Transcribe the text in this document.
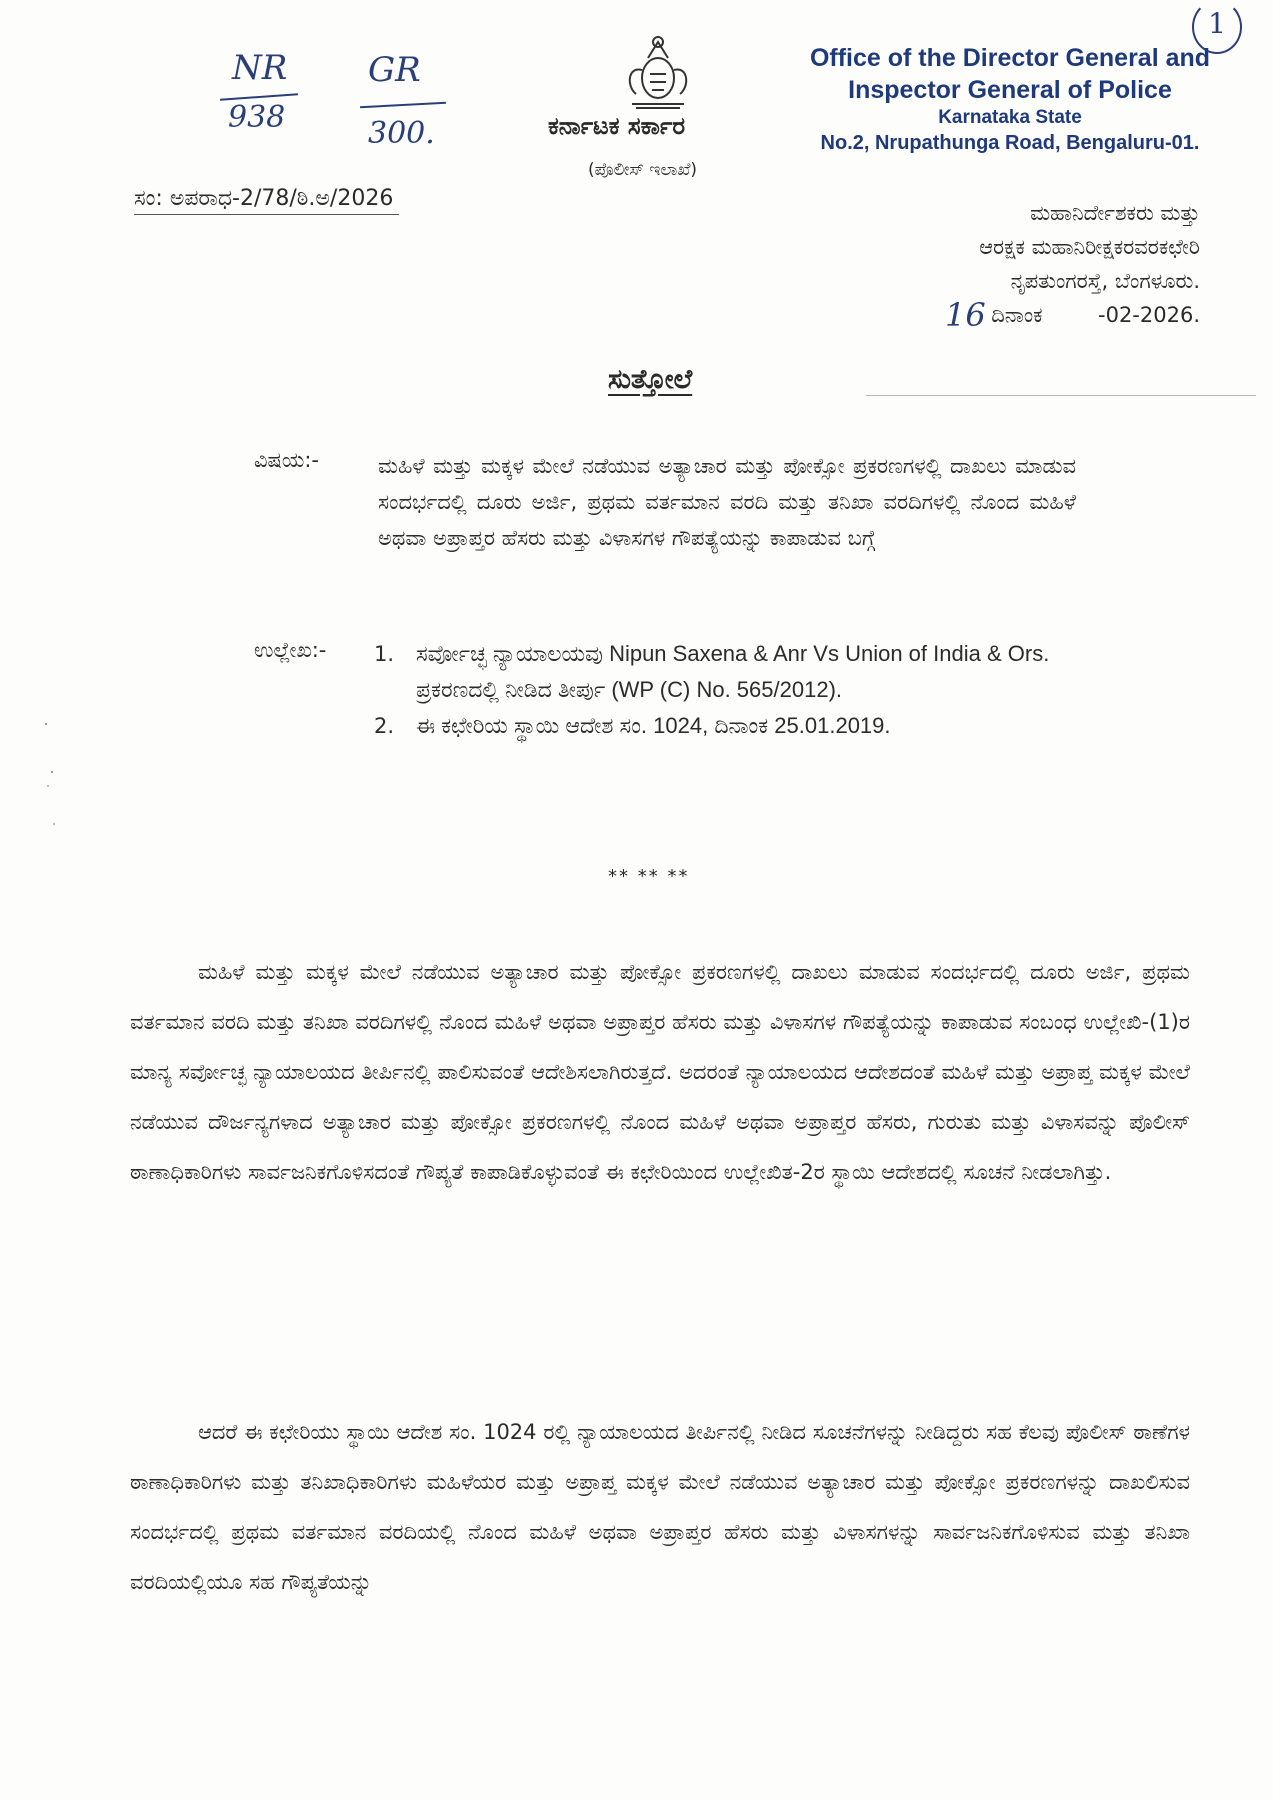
NR
938
GR
300.
1
ಕರ್ನಾಟಕ ಸರ್ಕಾರ
(ಪೊಲೀಸ್ ಇಲಾಖೆ)
Office of the Director General and
Inspector General of Police
Karnataka State
No.2, Nrupathunga Road, Bengaluru-01.
ಸಂ: ಅಪರಾಧ-2/78/ಠಿ.ಅ/2026
ಮಹಾನಿರ್ದೇಶಕರು ಮತ್ತು
ಆರಕ್ಷಕ ಮಹಾನಿರೀಕ್ಷಕರವರಕಛೇರಿ
ನೃಪತುಂಗರಸ್ತೆ, ಬೆಂಗಳೂರು.
ದಿನಾಂಕ	-02-2026.
16
ಸುತ್ತೋಲೆ
ವಿಷಯ:-	ಮಹಿಳೆ ಮತ್ತು ಮಕ್ಕಳ ಮೇಲೆ ನಡೆಯುವ ಅತ್ಯಾಚಾರ ಮತ್ತು ಪೋಕ್ಸೋ ಪ್ರಕರಣಗಳಲ್ಲಿ ದಾಖಲು ಮಾಡುವ ಸಂದರ್ಭದಲ್ಲಿ ದೂರು ಅರ್ಜಿ, ಪ್ರಥಮ ವರ್ತಮಾನ ವರದಿ ಮತ್ತು ತನಿಖಾ ವರದಿಗಳಲ್ಲಿ ನೊಂದ ಮಹಿಳೆ ಅಥವಾ ಅಪ್ರಾಪ್ತರ ಹೆಸರು ಮತ್ತು ವಿಳಾಸಗಳ ಗೌಪತ್ಯೆಯನ್ನು ಕಾಪಾಡುವ ಬಗ್ಗೆ
ಉಲ್ಲೇಖ:- 1. ಸರ್ವೋಚ್ಛ ನ್ಯಾಯಾಲಯವು Nipun Saxena & Anr Vs Union of India & Ors. ಪ್ರಕರಣದಲ್ಲಿ ನೀಡಿದ ತೀರ್ಪು (WP (C) No. 565/2012).
2. ಈ ಕಛೇರಿಯ ಸ್ಥಾಯಿ ಆದೇಶ ಸಂ. 1024, ದಿನಾಂಕ 25.01.2019.
** ** **

ಮಹಿಳೆ ಮತ್ತು ಮಕ್ಕಳ ಮೇಲೆ ನಡೆಯುವ ಅತ್ಯಾಚಾರ ಮತ್ತು ಪೋಕ್ಸೋ ಪ್ರಕರಣಗಳಲ್ಲಿ ದಾಖಲು ಮಾಡುವ ಸಂದರ್ಭದಲ್ಲಿ ದೂರು ಅರ್ಜಿ, ಪ್ರಥಮ ವರ್ತಮಾನ ವರದಿ ಮತ್ತು ತನಿಖಾ ವರದಿಗಳಲ್ಲಿ ನೊಂದ ಮಹಿಳೆ ಅಥವಾ ಅಪ್ರಾಪ್ತರ ಹೆಸರು ಮತ್ತು ವಿಳಾಸಗಳ ಗೌಪತ್ಯೆಯನ್ನು ಕಾಪಾಡುವ ಸಂಬಂಧ ಉಲ್ಲೇಖಿ-(1)ರ ಮಾನ್ಯ ಸರ್ವೋಚ್ಛ ನ್ಯಾಯಾಲಯದ ತೀರ್ಪಿನಲ್ಲಿ ಪಾಲಿಸುವಂತೆ ಆದೇಶಿಸಲಾಗಿರುತ್ತದೆ. ಅದರಂತೆ ನ್ಯಾಯಾಲಯದ ಆದೇಶದಂತೆ ಮಹಿಳೆ ಮತ್ತು ಅಪ್ರಾಪ್ತ ಮಕ್ಕಳ ಮೇಲೆ ನಡೆಯುವ ದೌರ್ಜನ್ಯಗಳಾದ ಅತ್ಯಾಚಾರ ಮತ್ತು ಪೋಕ್ಸೋ ಪ್ರಕರಣಗಳಲ್ಲಿ ನೊಂದ ಮಹಿಳೆ ಅಥವಾ ಅಪ್ರಾಪ್ತರ ಹೆಸರು, ಗುರುತು ಮತ್ತು ವಿಳಾಸವನ್ನು ಪೊಲೀಸ್ ಠಾಣಾಧಿಕಾರಿಗಳು ಸಾರ್ವಜನಿಕಗೊಳಿಸದಂತೆ ಗೌಪ್ಯತೆ ಕಾಪಾಡಿಕೊಳ್ಳುವಂತೆ ಈ ಕಛೇರಿಯಿಂದ ಉಲ್ಲೇಖಿತ-2ರ ಸ್ಥಾಯಿ ಆದೇಶದಲ್ಲಿ ಸೂಚನೆ ನೀಡಲಾಗಿತ್ತು.

ಆದರೆ ಈ ಕಛೇರಿಯು ಸ್ಥಾಯಿ ಆದೇಶ ಸಂ. 1024 ರಲ್ಲಿ ನ್ಯಾಯಾಲಯದ ತೀರ್ಪಿನಲ್ಲಿ ನೀಡಿದ ಸೂಚನೆಗಳನ್ನು ನೀಡಿದ್ದರು ಸಹ ಕೆಲವು ಪೊಲೀಸ್ ಠಾಣೆಗಳ ಠಾಣಾಧಿಕಾರಿಗಳು ಮತ್ತು ತನಿಖಾಧಿಕಾರಿಗಳು ಮಹಿಳೆಯರ ಮತ್ತು ಅಪ್ರಾಪ್ತ ಮಕ್ಕಳ ಮೇಲೆ ನಡೆಯುವ ಅತ್ಯಾಚಾರ ಮತ್ತು ಪೋಕ್ಸೋ ಪ್ರಕರಣಗಳನ್ನು ದಾಖಲಿಸುವ ಸಂದರ್ಭದಲ್ಲಿ ಪ್ರಥಮ ವರ್ತಮಾನ ವರದಿಯಲ್ಲಿ ನೊಂದ ಮಹಿಳೆ ಅಥವಾ ಅಪ್ರಾಪ್ತರ ಹೆಸರು ಮತ್ತು ವಿಳಾಸಗಳನ್ನು ಸಾರ್ವಜನಿಕಗೊಳಿಸುವ ಮತ್ತು ತನಿಖಾ ವರದಿಯಲ್ಲಿಯೂ ಸಹ ಗೌಪ್ಯತೆಯನ್ನು
